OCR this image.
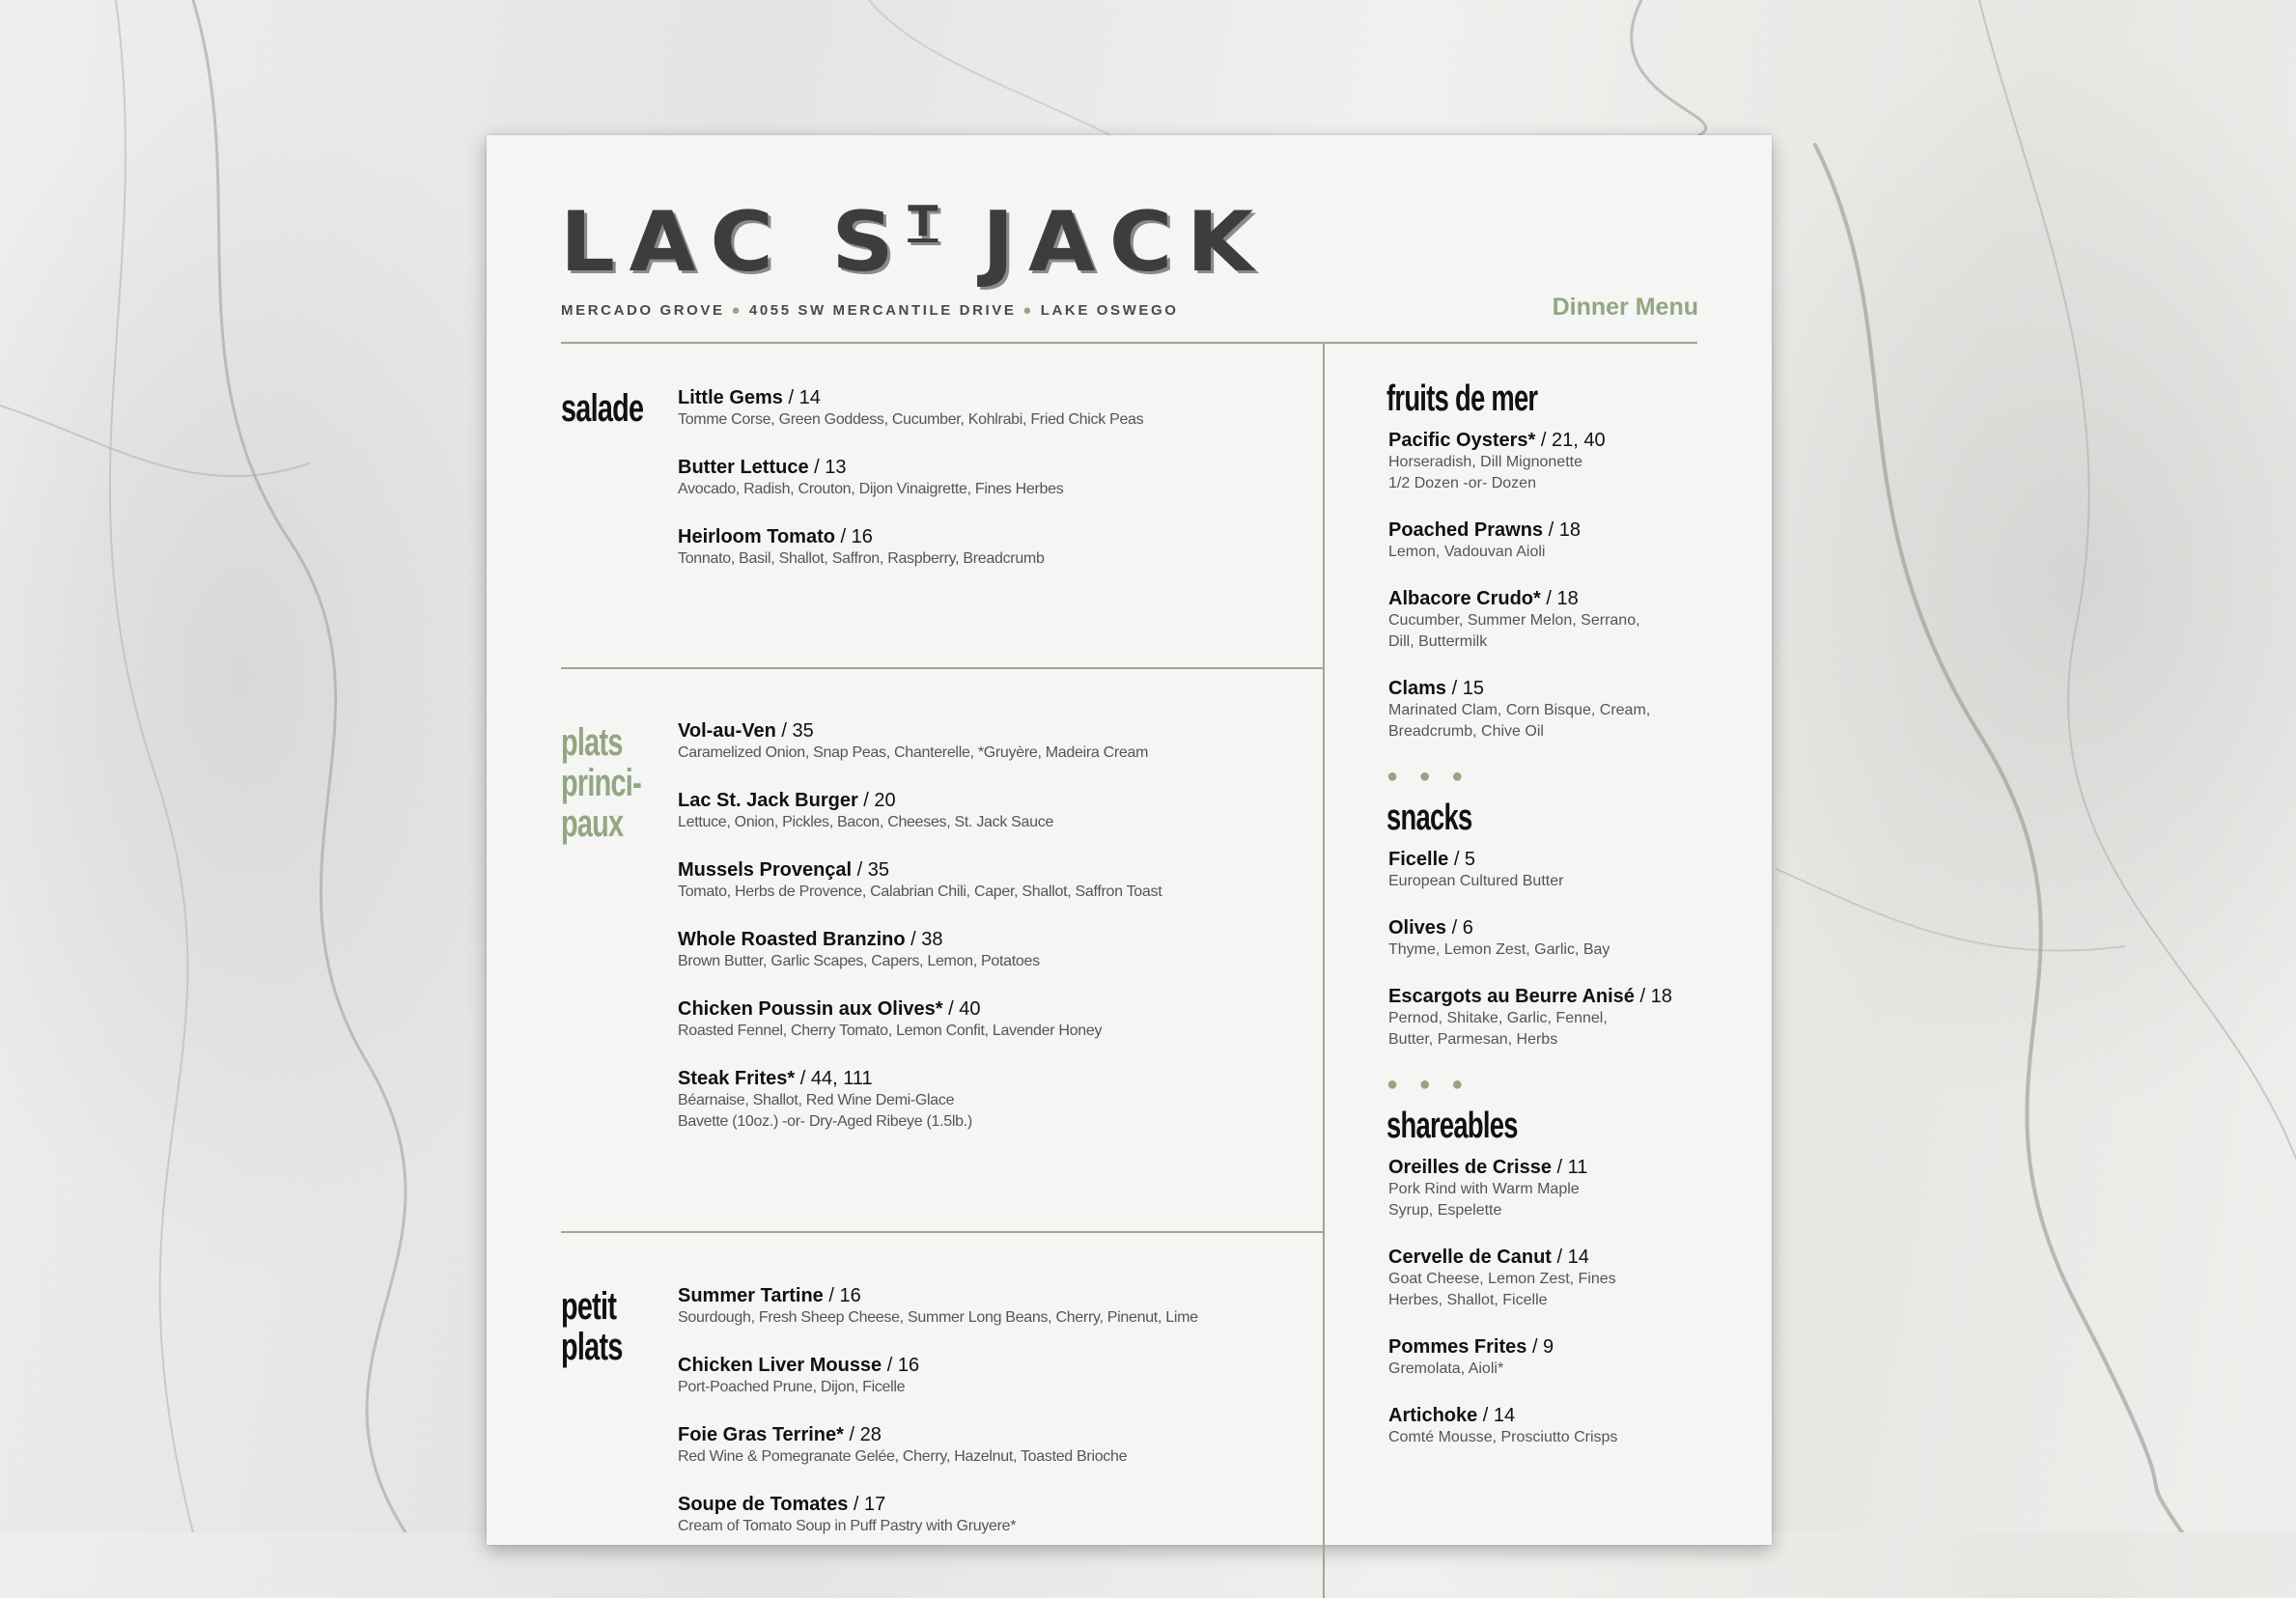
LAC $S^T$ JACK
MERCADO GROVE ● 4055 SW MERCANTILE DRIVE ● LAKE OSWEGO	Dinner Menu
salade Little Gems / 14
Tomme Corse, Green Goddess, Cucumber, Kohlrabi, Fried Chick Peas
Butter Lettuce / 13
Avocado, Radish, Crouton, Dijon Vinaigrette, Fines Herbes
Heirloom Tomato / 16
Tonnato, Basil, Shallot, Saffron, Raspberry, Breadcrumb
plats
princi-
paux
Vol-au-Ven / 35
Caramelized Onion, Snap Peas, Chanterelle, *Gruyère, Madeira Cream
Lac St. Jack Burger / 20
Lettuce, Onion, Pickles, Bacon, Cheeses, St. Jack Sauce
Mussels Provençal / 35
Tomato, Herbs de Provence, Calabrian Chili, Caper, Shallot, Saffron Toast
Whole Roasted Branzino / 38
Brown Butter, Garlic Scapes, Capers, Lemon, Potatoes
Chicken Poussin aux Olives* / 40
Roasted Fennel, Cherry Tomato, Lemon Confit, Lavender Honey
Steak Frites* / 44, 111
Béarnaise, Shallot, Red Wine Demi-Glace
Bavette (10oz.) -or- Dry-Aged Ribeye (1.5lb.)
petit
plats
Summer Tartine / 16
Sourdough, Fresh Sheep Cheese, Summer Long Beans, Cherry, Pinenut, Lime
Chicken Liver Mousse / 16
Port-Poached Prune, Dijon, Ficelle
Foie Gras Terrine* / 28
Red Wine & Pomegranate Gelée, Cherry, Hazelnut, Toasted Brioche
Soupe de Tomates / 17
Cream of Tomato Soup in Puff Pastry with Gruyere*
fruits de mer
Pacific Oysters* / 21, 40
Horseradish, Dill Mignonette
1/2 Dozen -or- Dozen
Poached Prawns / 18
Lemon, Vadouvan Aioli
Albacore Crudo* / 18
Cucumber, Summer Melon, Serrano,
Dill, Buttermilk
Clams / 15
Marinated Clam, Corn Bisque, Cream,
Breadcrumb, Chive Oil
● ● ●
snacks
Ficelle / 5
European Cultured Butter
Olives / 6
Thyme, Lemon Zest, Garlic, Bay
Escargots au Beurre Anisé / 18
Pernod, Shitake, Garlic, Fennel,
Butter, Parmesan, Herbs
● ● ●
shareables
Oreilles de Crisse / 11
Pork Rind with Warm Maple
Syrup, Espelette
Cervelle de Canut / 14
Goat Cheese, Lemon Zest, Fines
Herbes, Shallot, Ficelle
Pommes Frites / 9
Gremolata, Aioli*
Artichoke / 14
Comté Mousse, Prosciutto Crisps
